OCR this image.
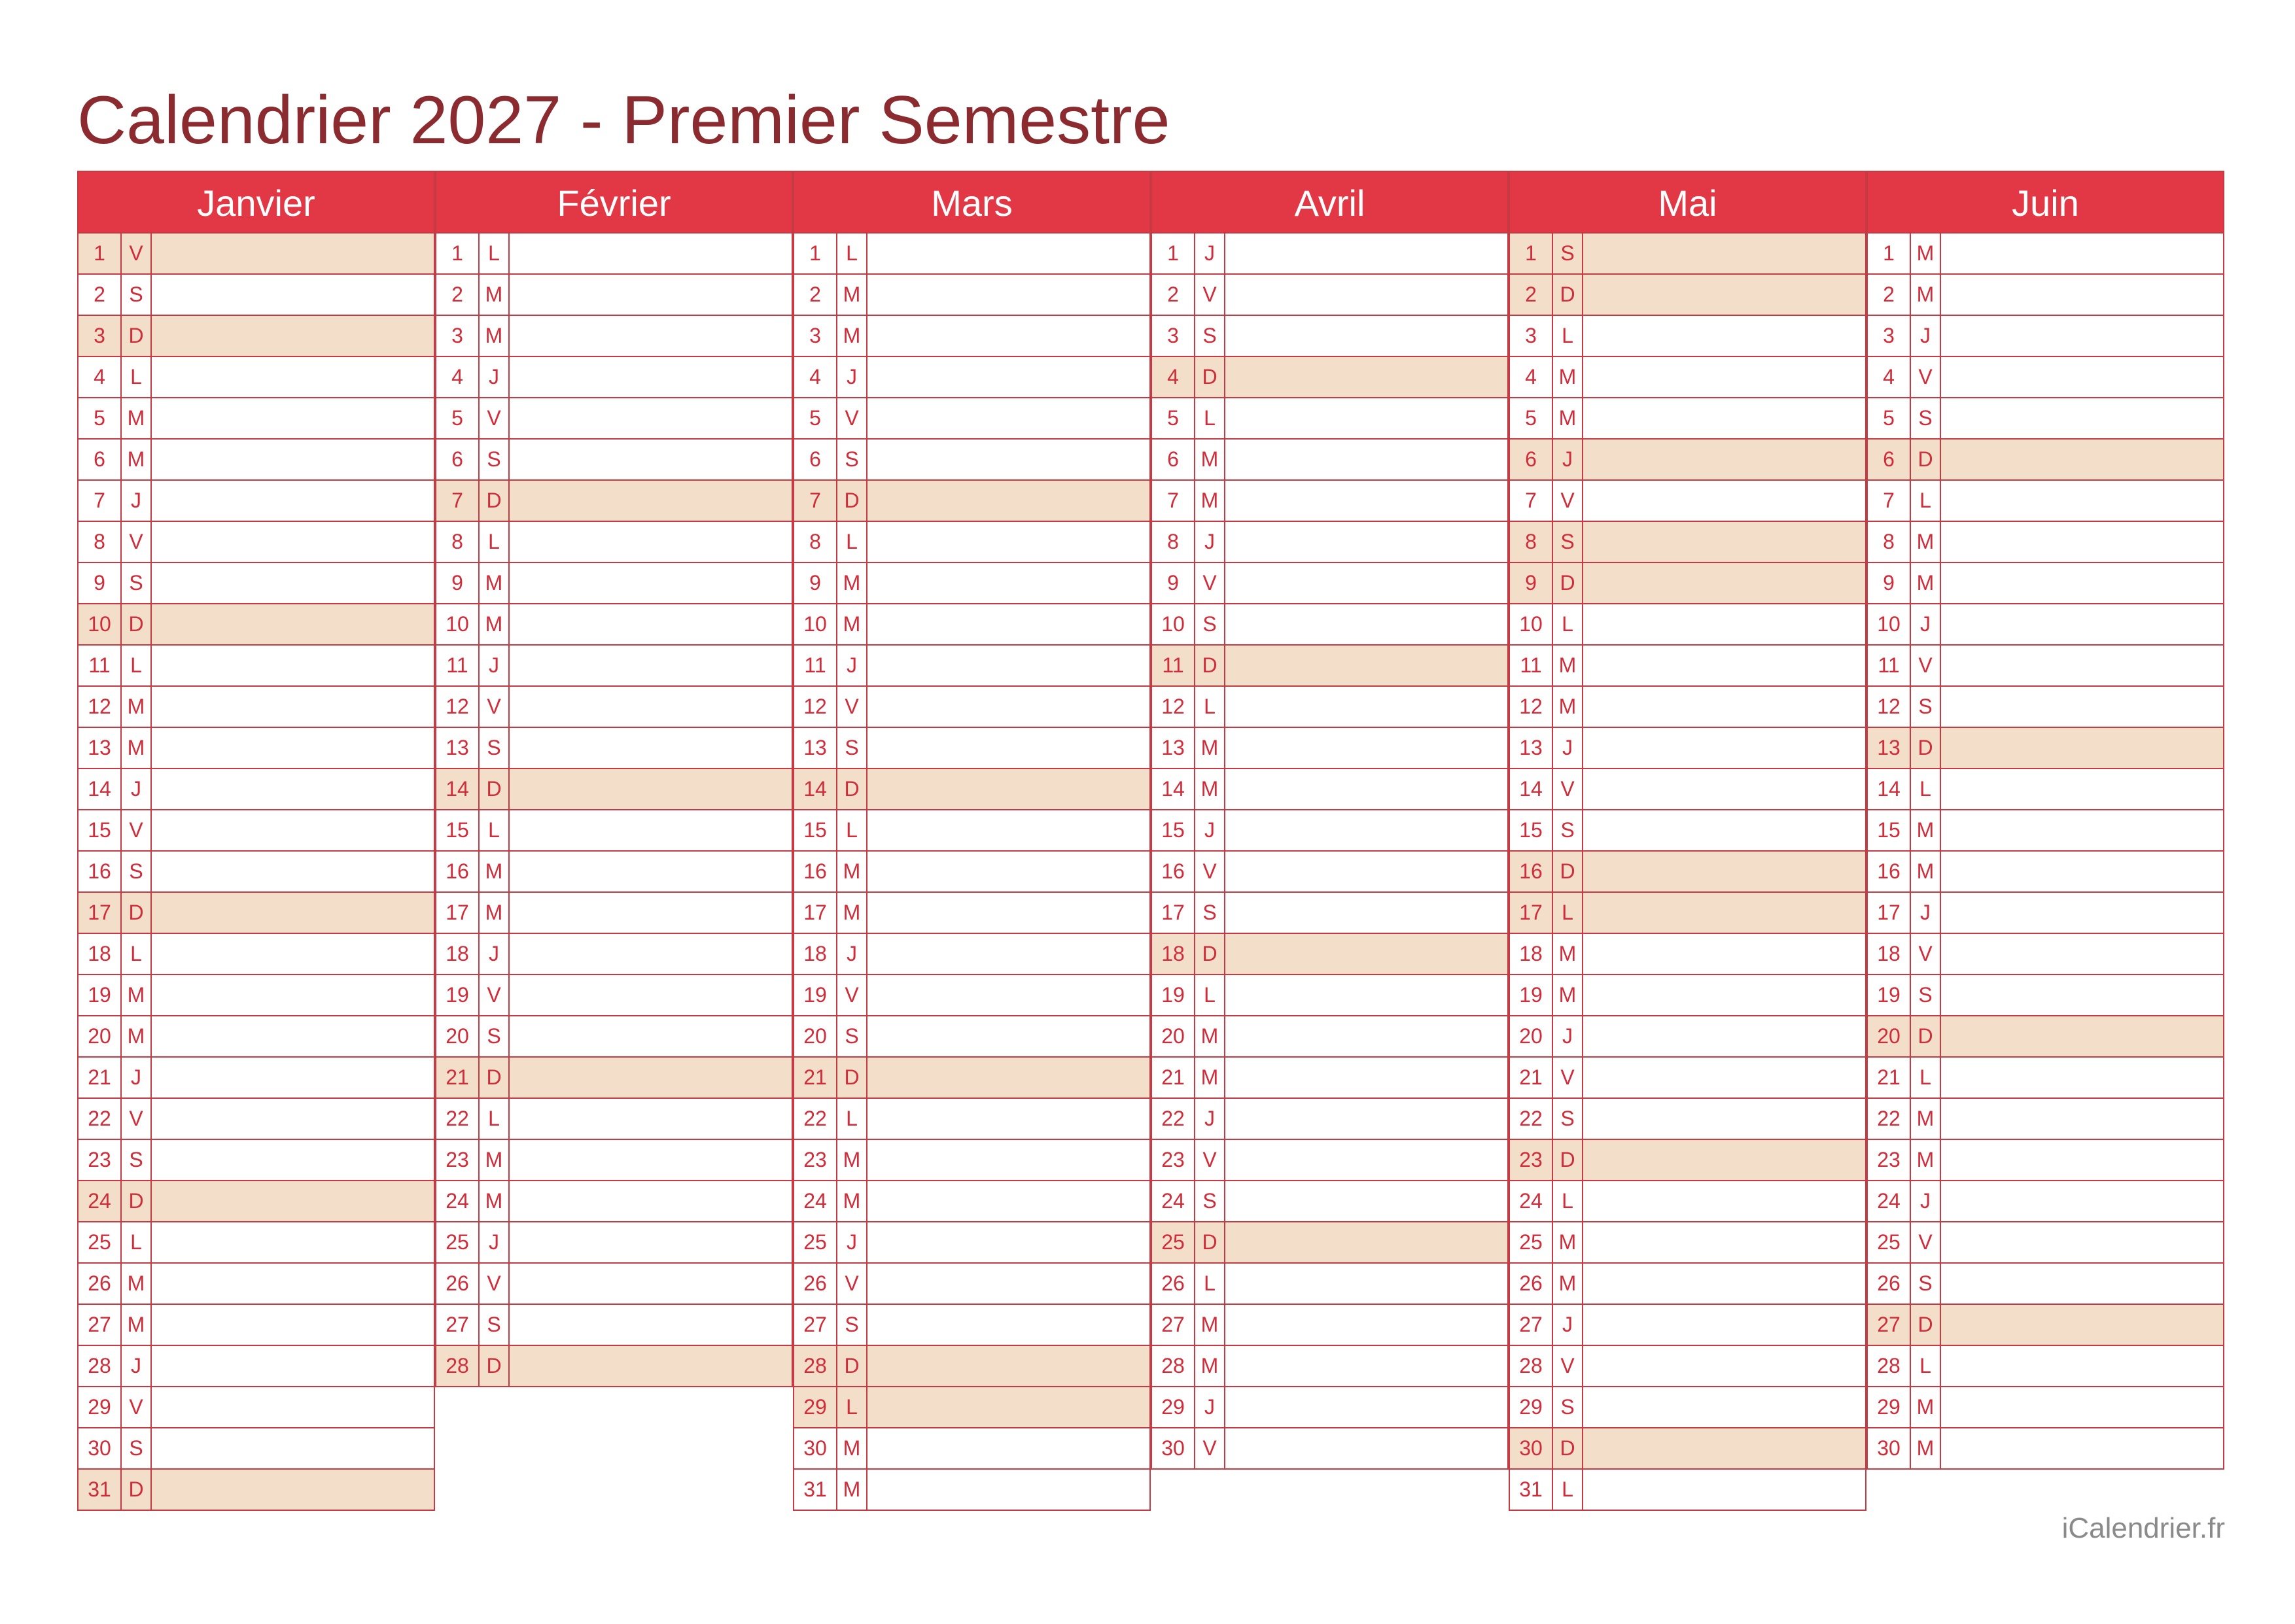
Calendrier 2027 - Premier Semestre
Janvier
1	V
2	S
3	D
4	L
5	M
6	M
7	J
8	V
9	S
10 D
11 L
12 M
13 M
14 J
15 V
16 S
17 D
18 L
19 M
20 M
21 J
22 V
23 S
24 D
25 L
26 M
27 M
28 J
29 V
30 S
31 D
Février
1	L
2	M
3	M
4	J
5	V
6	S
7	D
8	L
9	M
10 M
11 J
12 V
13 S
14 D
15 L
16 M
17 M
18 J
19 V
20 S
21 D
22 L
23 M
24 M
25 J
26 V
27 S
28 D
Mars
1	L
2	M
3	M
4	J
5	V
6	S
7	D
8	L
9	M
10 M
11 J
12 V
13 S
14 D
15 L
16 M
17 M
18 J
19 V
20 S
21 D
22 L
23 M
24 M
25 J
26 V
27 S
28 D
29 L
30 M
31 M
Avril
1	J
2	V
3	S
4	D
5	L
6	M
7	M
8	J
9	V
10 S
11 D
12 L
13 M
14 M
15 J
16 V
17 S
18 D
19 L
20 M
21 M
22 J
23 V
24 S
25 D
26 L
27 M
28 M
29 J
30 V
Mai
1	S
2	D
3	L
4	M
5	M
6	J
7	V
8	S
9	D
10 L
11 M
12 M
13 J
14 V
15 S
16 D
17 L
18 M
19 M
20 J
21 V
22 S
23 D
24 L
25 M
26 M
27 J
28 V
29 S
30 D
31 L
Juin
1	M
2	M
3	J
4	V
5	S
6	D
7	L
8	M
9	M
10 J
11 V
12 S
13 D
14 L
15 M
16 M
17 J
18 V
19 S
20 D
21 L
22 M
23 M
24 J
25 V
26 S
27 D
28 L
29 M
30 M
iCalendrier.fr
